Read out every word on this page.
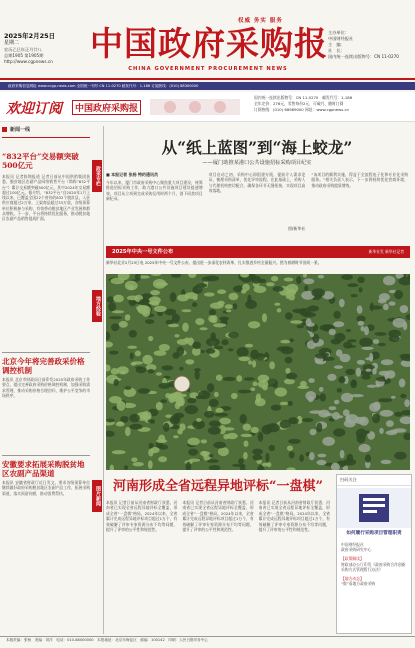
权威 务实 服务
2025年2月25日
星期二
农历乙巳年正月廿八
总期1905 第1905期
http://www.cgpnews.cn	中国政府采购报
CHINA GOVERNMENT PROCUREMENT NEWS
主办单位：
中国财经报社
主　编：
社　长：
国内统一连续出版物号：CN 11-0270
政府采购信息网址 www.ccgp-news.com 全国统一刊号 CN 11-0270 邮发代号：1-186 订阅热线：(010) 88300000
欢迎订阅	中国政府采购报
国内统一连续出版物号：CN 11-0270　邮发代号：1-186
全年定价：276元，零售每份2元，可破月、随时订阅
订阅热线：(010) 68989000 网址：www.cgpnews.cn
新闻一线
“832平台”交易额突破500亿元
本报讯 记者陈锦报道 记者日前从中国供销集团获悉，脱贫地区农副产品网络销售平台（简称“832平台”）累计交易额突破500亿元，其中2024年交易额超过100亿元。据介绍，“832平台”自2020年1月上线以来，已覆盖全国22个省份的832个脱贫县，入驻供应商超过2万家，上架商品超过33万款。各级预算单位积极参与采购，有效带动脱贫地区产业发展和群众增收。下一步，平台将持续优化服务，推动脱贫地区农副产品销售提质扩面。
北京今年将完善政采价格调控机制
本报讯 北京市财政局日前印发2025年政府采购工作要点，提出完善政府采购价格调控机制，加强采购需求管理，推动采购价格合理回归，维护公平竞争的市场秩序。
安徽要求拓展采购脱贫地区农副产品渠道
本报讯 安徽省财政厅近日发文，要求各级预算单位继续做好政府采购脱贫地区农副产品工作，拓展采购渠道，落实预留份额，推动消费帮扶。
政采专栏
地方经验
图片新闻
从“纸上蓝图”到“海上蛟龙”
——厦门助推某港口公共设施招标采购项目纪实
■ 本报记者 张杨 特约通讯员
今年以来，厦门市政府采购中心聚焦重大项目建设，统筹推进招标采购工作，助力港口公共设施项目建设提速增效。项目从立项到完成采购仅用时两个月，创下同类项目新纪录。
项目启动之初，采购中心即组建专班，提前介入需求论证，梳理采购清单，优化评审流程。在此基础上，采购人与代理机构密切配合，确保各环节无缝衔接，实现项目高效落地。
图/新华社
“该项目的顺利实施，得益于全流程电子化和专业化采购服务。”相关负责人表示，下一步将持续优化营商环境，推动政府采购提质增效。
2025年中央一号文件公布	新华社发 新华社记者
新华社北京2月23日电 2025年中央一号文件公布，提出进一步深化农村改革，扎实推进乡村全面振兴。图为春耕时节田间一景。
河南形成全省远程异地评标“一盘棋”
本报讯 记者日前从河南省财政厅获悉，河南省已实现全省远程异地评标全覆盖，形成全省“一盘棋”格局。2024年以来，全省累计完成远程异地评标项目超过1万个，有效破解了评审专家资源分布不均等问题，提升了评审的公平性和规范性。
本报讯 记者日前从河南省财政厅获悉，河南省已实现全省远程异地评标全覆盖，形成全省“一盘棋”格局。2024年以来，全省累计完成远程异地评标项目超过1万个，有效破解了评审专家资源分布不均等问题，提升了评审的公平性和规范性。
本报讯 记者日前从河南省财政厅获悉，河南省已实现全省远程异地评标全覆盖，形成全省“一盘棋”格局。2024年以来，全省累计完成远程异地评标项目超过1万个，有效破解了评审专家资源分布不均等问题，提升了评审的公平性和规范性。
扫码关注
如何履行采购项目管理职责
中国财经报社
政府采购研究中心
【政策解读】
财政部办公厅印发《政府采购合作创新采购方式管理暂行办法》
【地方动态】
“数”看地方政府采购
本版责编：张杨　美编：刘洋　电话：010-88000000　本报地址：北京市海淀区　邮编：100142　印刷：人民日报印务中心
